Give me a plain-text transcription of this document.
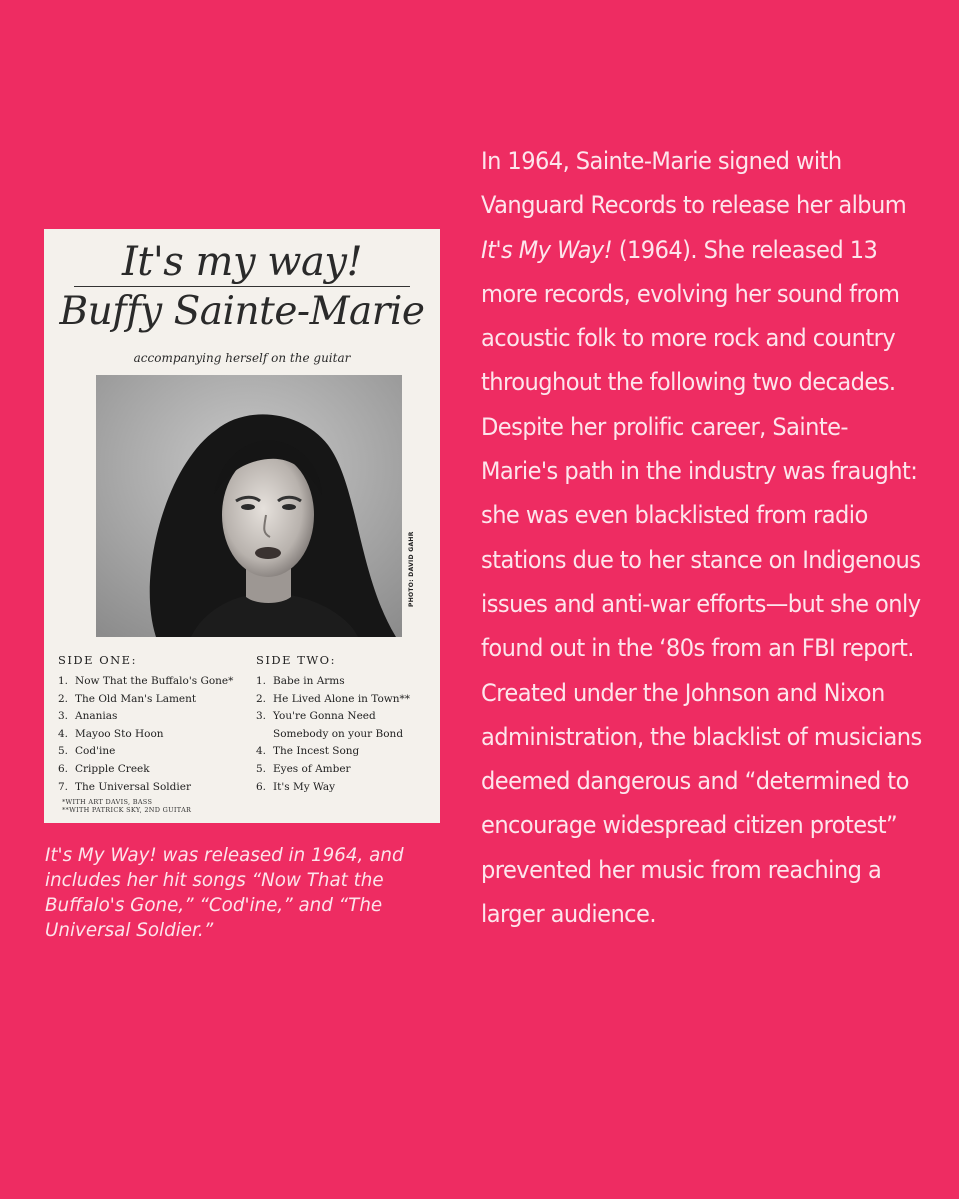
It's my way!
Buffy Sainte-Marie
accompanying herself on the guitar
PHOTO: DAVID GAHR
SIDE ONE:
1. Now That the Buffalo's Gone*
2. The Old Man's Lament
3. Ananias
4. Mayoo Sto Hoon
5. Cod'ine
6. Cripple Creek
7. The Universal Soldier
SIDE TWO:
1. Babe in Arms
2. He Lived Alone in Town**
3. You're Gonna Need
Somebody on your Bond
4. The Incest Song
5. Eyes of Amber
6. It's My Way
*WITH ART DAVIS, BASS
**WITH PATRICK SKY, 2ND GUITAR
It's My Way! was released in 1964, and includes her hit songs “Now That the Buffalo's Gone,” “Cod'ine,” and “The Universal Soldier.”
In 1964, Sainte-Marie signed with Vanguard Records to release her album It's My Way! (1964). She released 13 more records, evolving her sound from acoustic folk to more rock and country throughout the following two decades. Despite her prolific career, Sainte-Marie's path in the industry was fraught: she was even blacklisted from radio stations due to her stance on Indigenous issues and anti-war efforts—but she only found out in the ‘80s from an FBI report. Created under the Johnson and Nixon administration, the blacklist of musicians deemed dangerous and “determined to encourage widespread citizen protest” prevented her music from reaching a larger audience.
